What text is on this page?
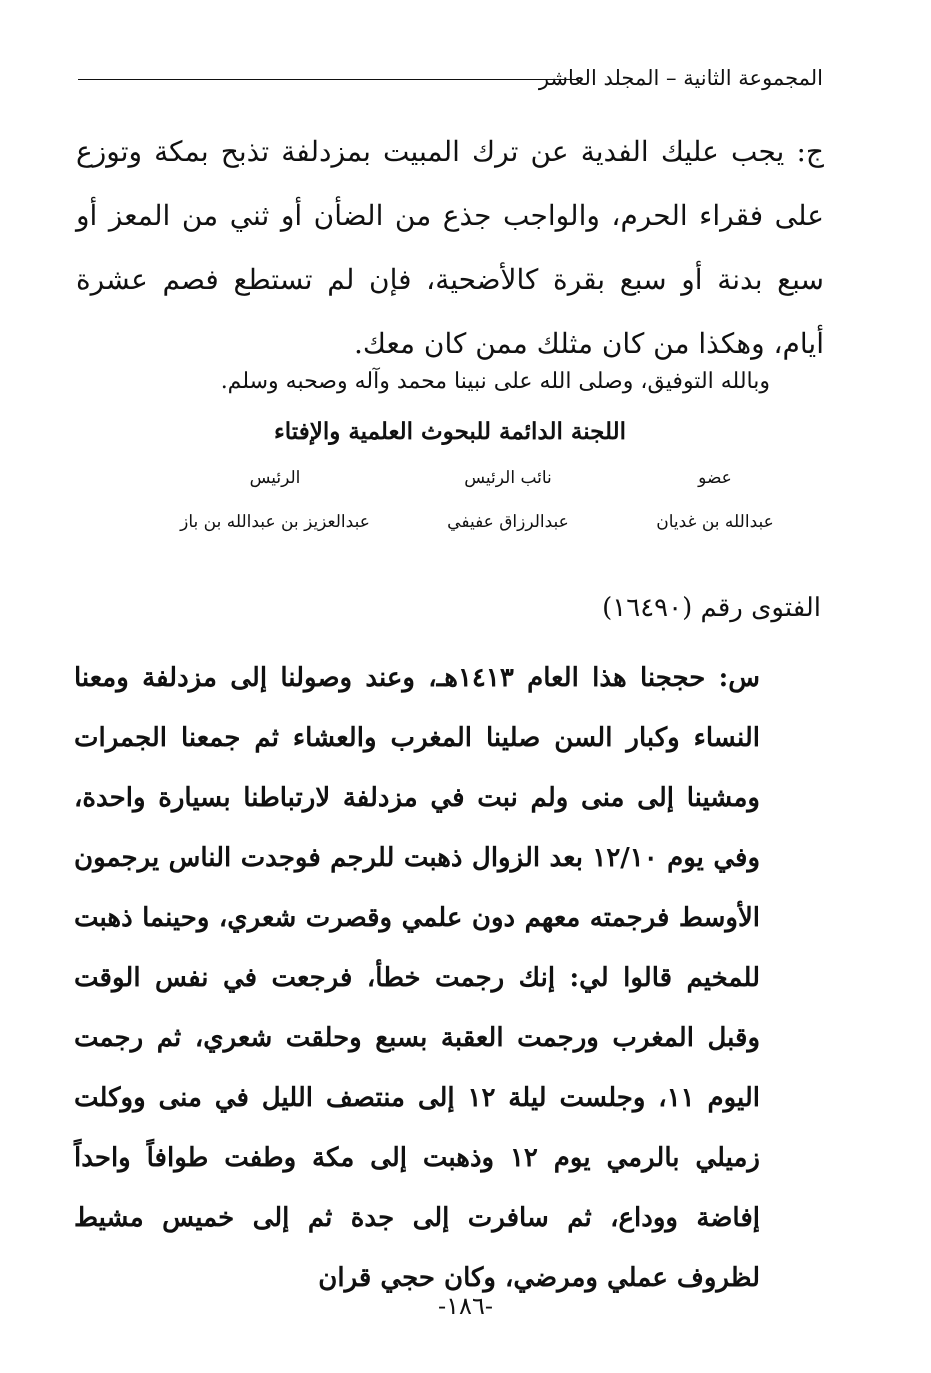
المجموعة الثانية – المجلد العاشر

ج: يجب عليك الفدية عن ترك المبيت بمزدلفة تذبح بمكة وتوزع على فقراء الحرم، والواجب جذع من الضأن أو ثني من المعز أو سبع بدنة أو سبع بقرة كالأضحية، فإن لم تستطع فصم عشرة أيام، وهكذا من كان مثلك ممن كان معك.

وبالله التوفيق، وصلى الله على نبينا محمد وآله وصحبه وسلم.

اللجنة الدائمة للبحوث العلمية والإفتاء
الرئيس
عبدالعزيز بن عبدالله بن باز
نائب الرئيس
عبدالرزاق عفيفي
عضو
عبدالله بن غديان
الفتوى رقم (١٦٤٩٠)

س: حججنا هذا العام ١٤١٣هـ، وعند وصولنا إلى مزدلفة ومعنا النساء وكبار السن صلينا المغرب والعشاء ثم جمعنا الجمرات ومشينا إلى منى ولم نبت في مزدلفة لارتباطنا بسيارة واحدة، وفي يوم ١٢/١٠ بعد الزوال ذهبت للرجم فوجدت الناس يرجمون الأوسط فرجمته معهم دون علمي وقصرت شعري، وحينما ذهبت للمخيم قالوا لي: إنك رجمت خطأ، فرجعت في نفس الوقت وقبل المغرب ورجمت العقبة بسبع وحلقت شعري، ثم رجمت اليوم ١١، وجلست ليلة ١٢ إلى منتصف الليل في منى ووكلت زميلي بالرمي يوم ١٢ وذهبت إلى مكة وطفت طوافاً واحداً إفاضة ووداع، ثم سافرت إلى جدة ثم إلى خميس مشيط لظروف عملي ومرضي، وكان حجي قران

-١٨٦-
